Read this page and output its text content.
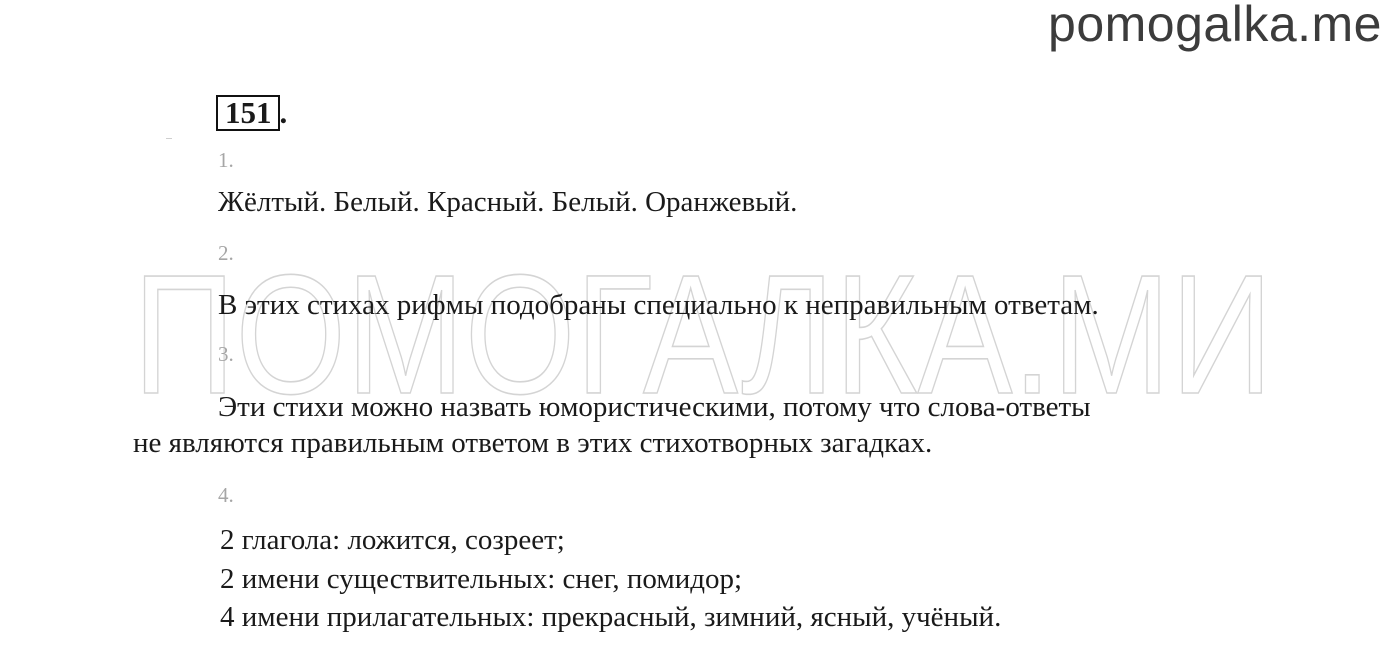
pomogalka.me
ПОМОГАЛКА.МИ
151 .
1.
Жёлтый. Белый. Красный. Белый. Оранжевый.
2.
В этих стихах рифмы подобраны специально к неправильным ответам.
3.
Эти стихи можно назвать юмористическими, потому что слова-ответы
не являются правильным ответом в этих стихотворных загадках.
4.
2 глагола: ложится, созреет;
2 имени существительных: снег, помидор;
4 имени прилагательных: прекрасный, зимний, ясный, учёный.
